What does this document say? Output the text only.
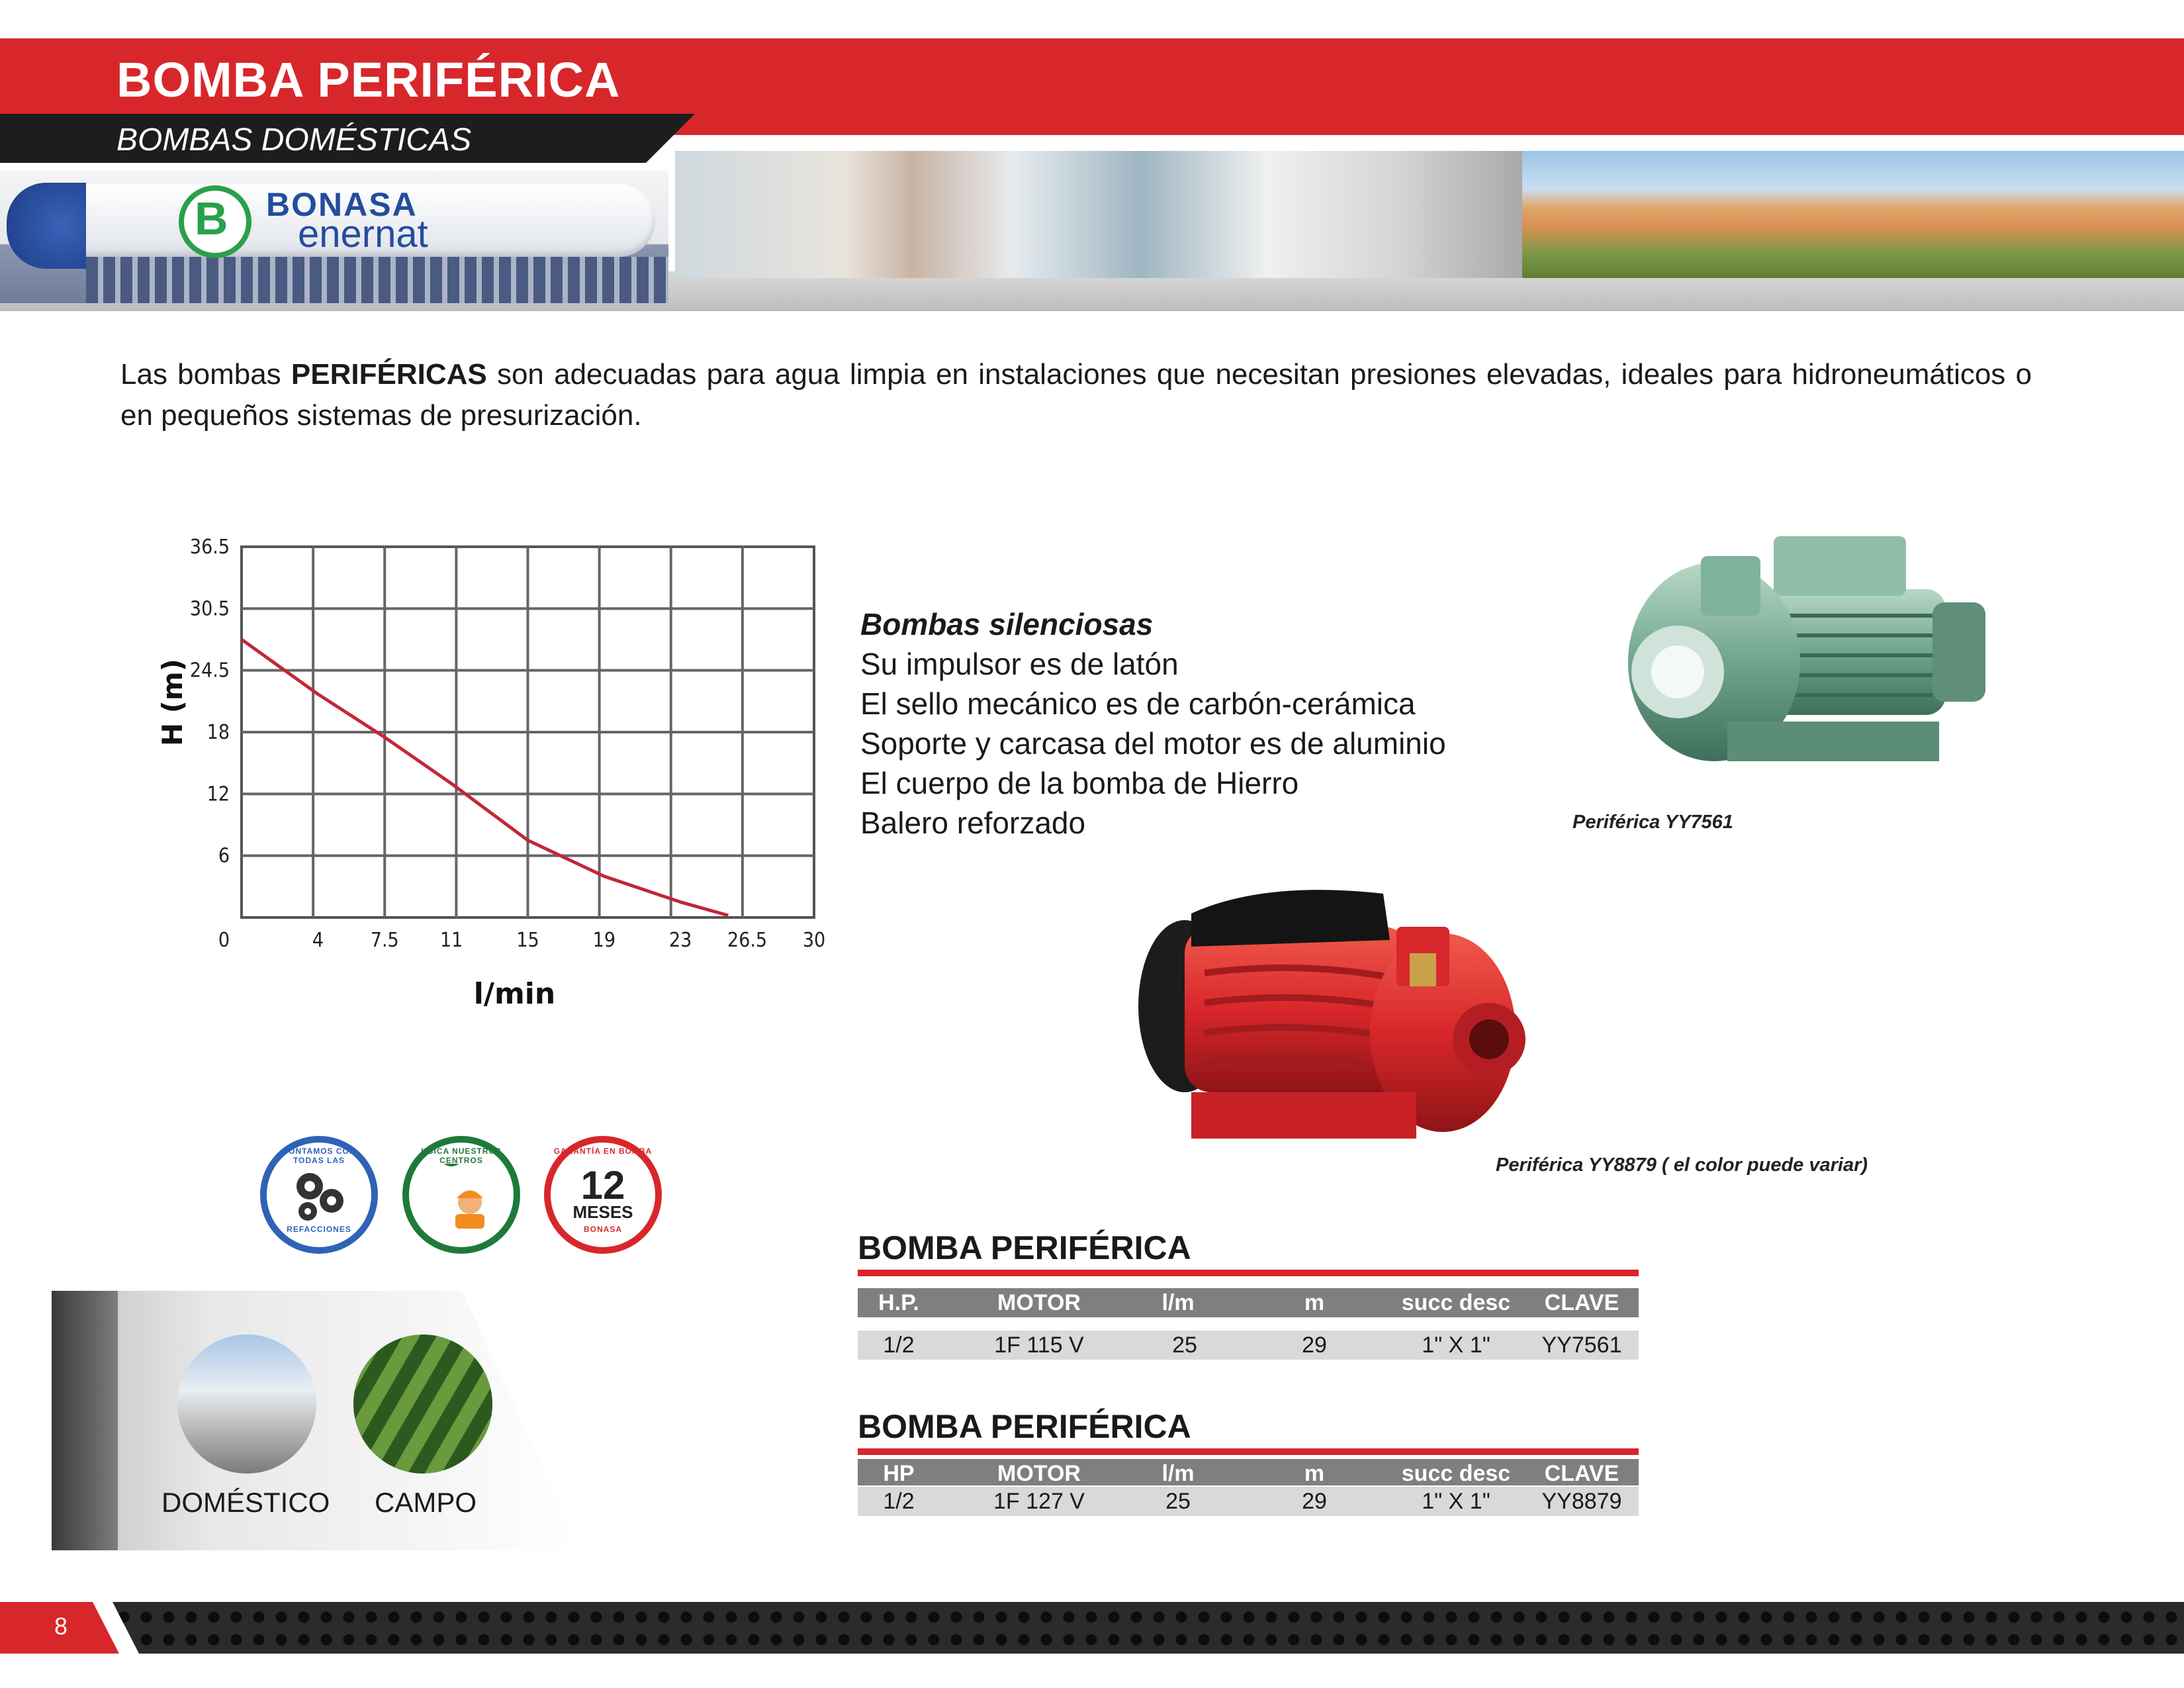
BOMBA PERIFÉRICA
BOMBAS DOMÉSTICAS
B BONASA
enernat
Las bombas PERIFÉRICAS son adecuadas para agua limpia en instalaciones que necesitan presiones elevadas, ideales para hidroneumáticos o en pequeños sistemas de presurización.
0
6
12
18
24.5
30.5
36.5
4 7.5 11	15	19	23 26.5 30
l/min
H (m)
Bombas silenciosas
Su impulsor es de latón
El sello mecánico es de carbón-cerámica
Soporte y carcasa del motor es de aluminio
El cuerpo de la bomba de Hierro
Balero reforzado	Periférica YY7561
Periférica YY8879 ( el color puede variar)
CONTAMOS CON TODAS LAS
REFACCIONES
UBICA NUESTROS CENTROS
GARANTÍA EN BOMBA
12
MESES
BONASA
DOMÉSTICO CAMPO
BOMBA PERIFÉRICA
H.P.	MOTOR	l/m	m	succ desc CLAVE
1/2	1F 115 V	25	29	1" X 1" YY7561
BOMBA PERIFÉRICA
HP	MOTOR	l/m	m	succ desc CLAVE
1/2	1F 127 V	25	29	1" X 1" YY8879
8
